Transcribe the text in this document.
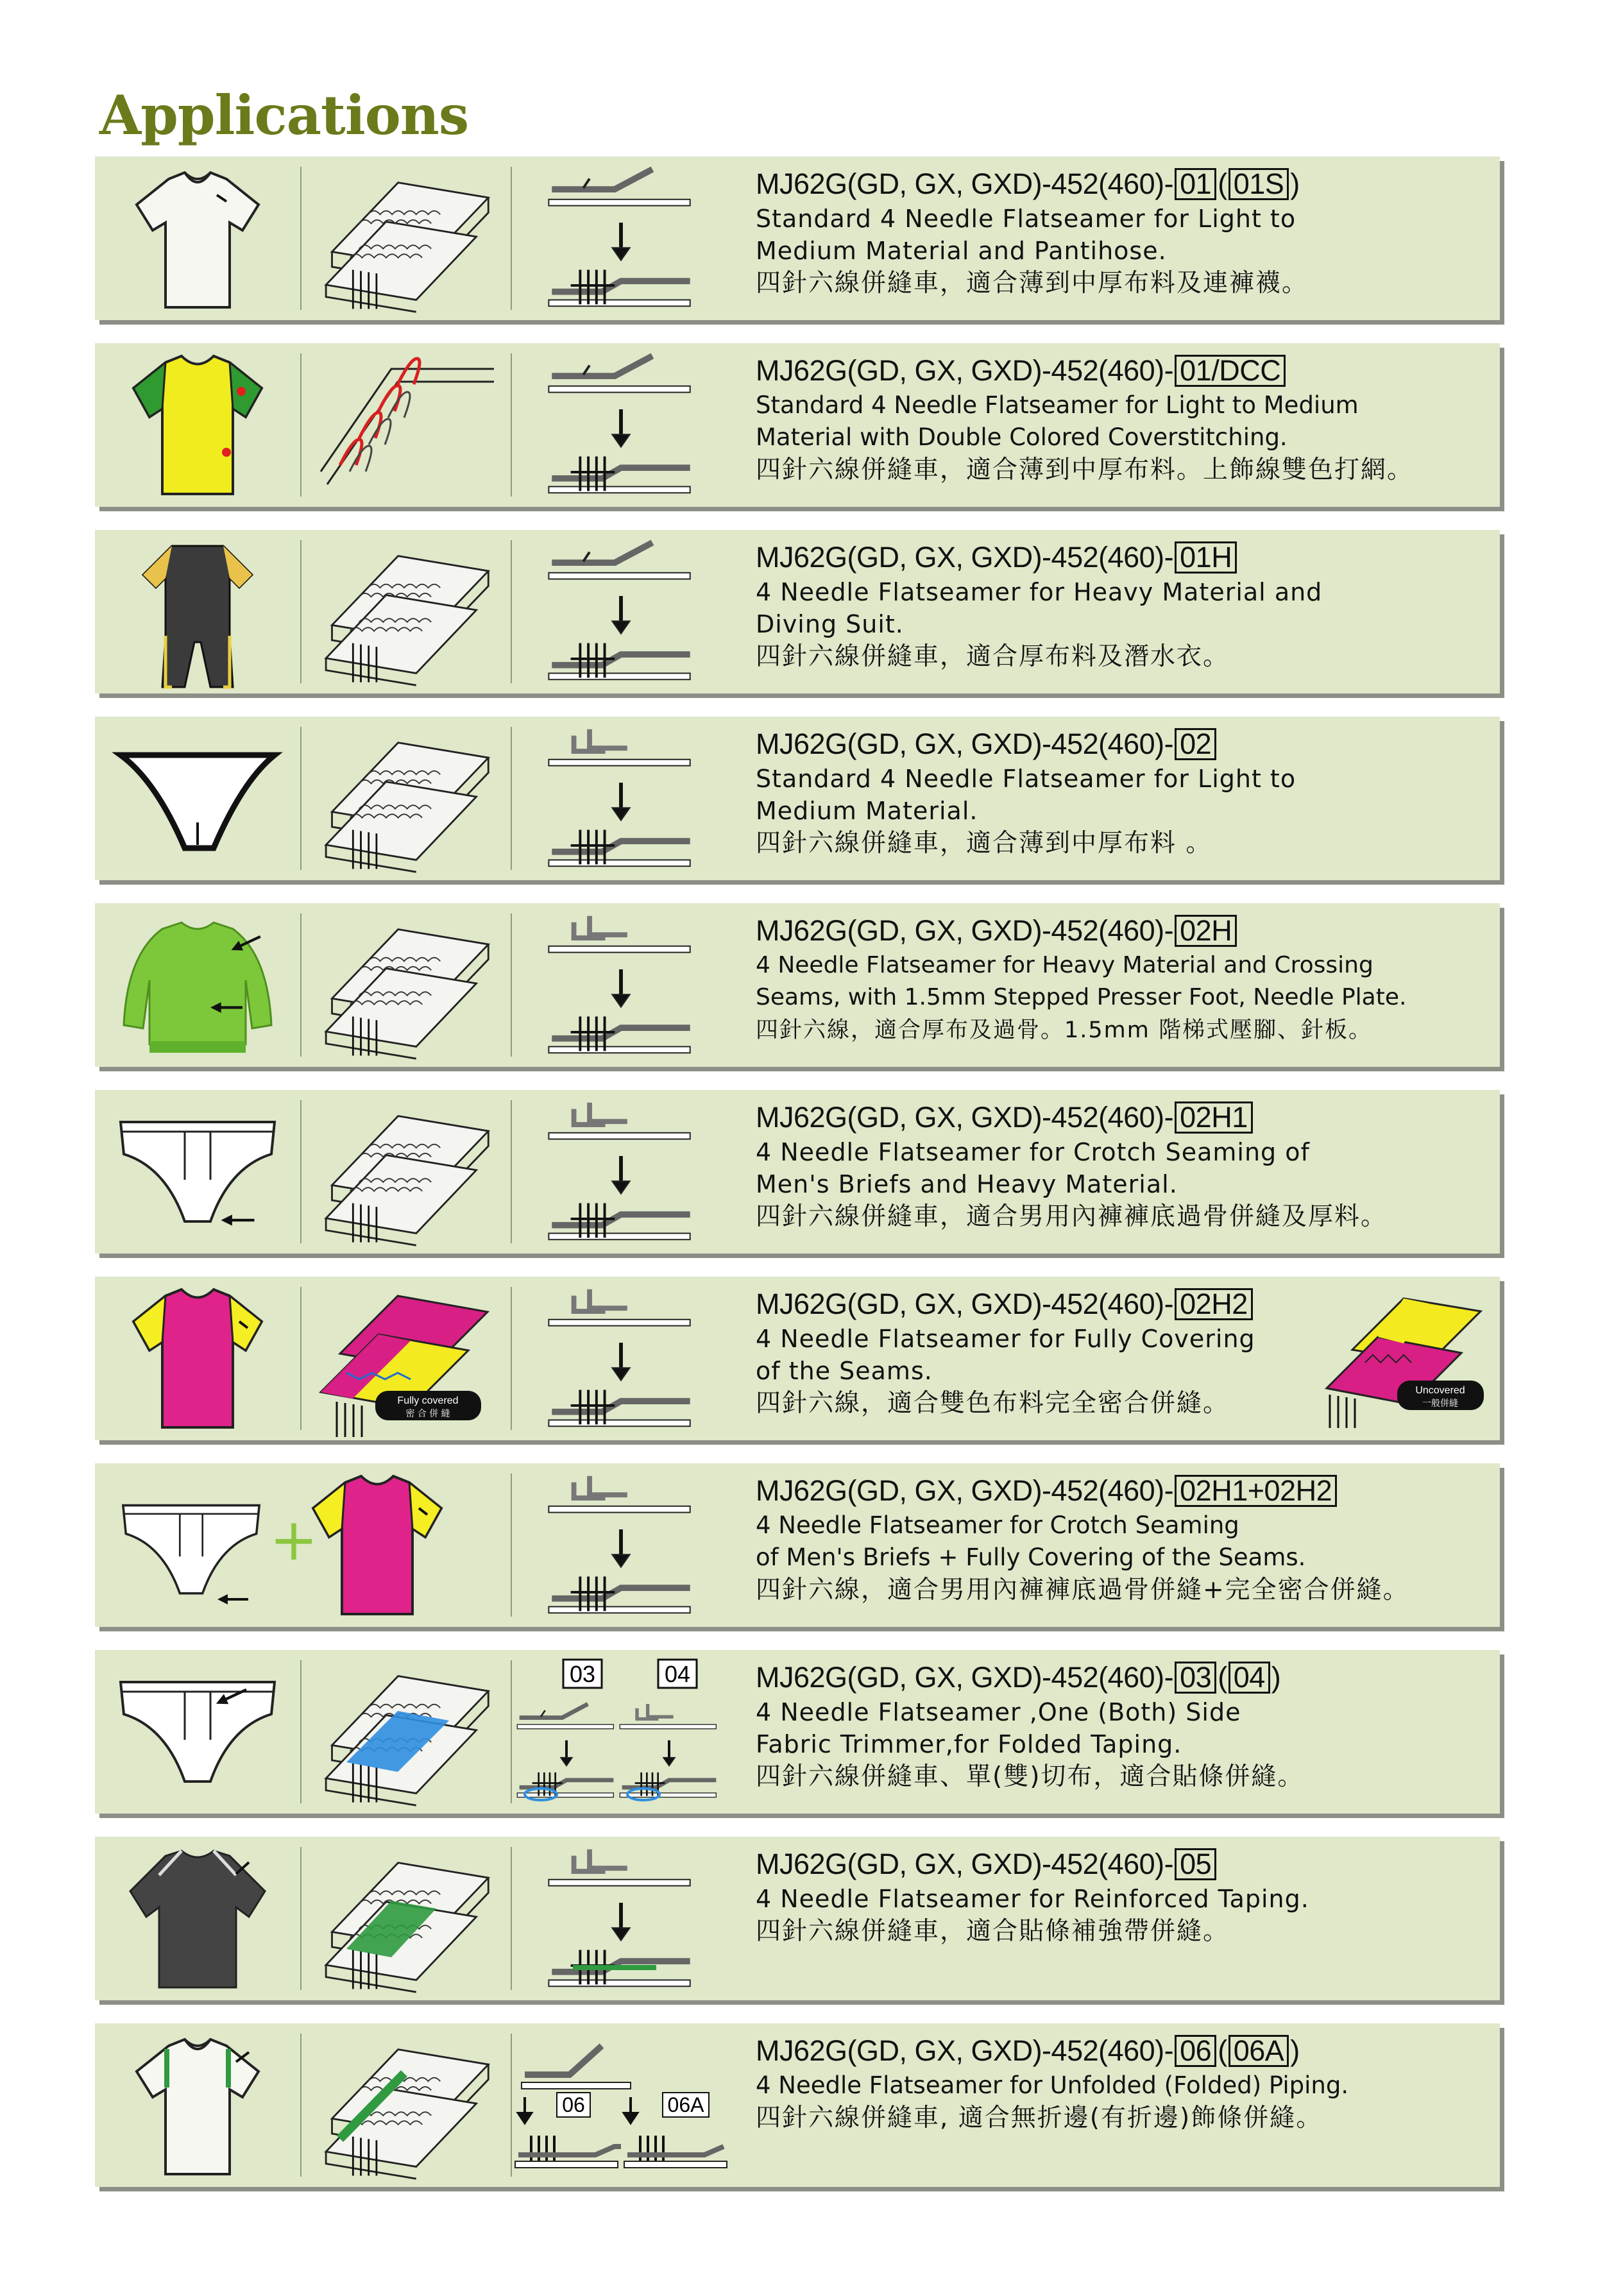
Applications
MJ62G(GD, GX, GXD)-452(460)- 01 ( 01S )
Standard 4 Needle Flatseamer for Light to
Medium Material and Pantihose.
四針六線併縫車，適合薄到中厚布料及連褲襪。
MJ62G(GD, GX, GXD)-452(460)- 01/DCC
Standard 4 Needle Flatseamer for Light to Medium
Material with Double Colored Coverstitching.
四針六線併縫車，適合薄到中厚布料。上飾線雙色打網。
MJ62G(GD, GX, GXD)-452(460)- 01H
4 Needle Flatseamer for Heavy Material and
Diving Suit.
四針六線併縫車，適合厚布料及潛水衣。
MJ62G(GD, GX, GXD)-452(460)- 02
Standard 4 Needle Flatseamer for Light to
Medium Material.
四針六線併縫車，適合薄到中厚布料 。
MJ62G(GD, GX, GXD)-452(460)- 02H
4 Needle Flatseamer for Heavy Material and Crossing
Seams, with 1.5mm Stepped Presser Foot, Needle Plate.
四針六線，適合厚布及過骨。1.5mm 階梯式壓腳、針板。
MJ62G(GD, GX, GXD)-452(460)- 02H1
4 Needle Flatseamer for Crotch Seaming of
Men's Briefs and Heavy Material.
四針六線併縫車，適合男用內褲褲底過骨併縫及厚料。
Fully covered
密 合 併 縫
MJ62G(GD, GX, GXD)-452(460)- 02H2
4 Needle Flatseamer for Fully Covering
of the Seams.
四針六線，適合雙色布料完全密合併縫。	Uncovered
一般併縫
+
MJ62G(GD, GX, GXD)-452(460)- 02H1+02H2
4 Needle Flatseamer for Crotch Seaming
of Men's Briefs + Fully Covering of the Seams.
四針六線，適合男用內褲褲底過骨併縫+完全密合併縫。
03	04 MJ62G(GD, GX, GXD)-452(460)- 03 ( 04 )
4 Needle Flatseamer ,One (Both) Side
Fabric Trimmer,for Folded Taping.
四針六線併縫車、單(雙)切布，適合貼條併縫。
MJ62G(GD, GX, GXD)-452(460)- 05
4 Needle Flatseamer for Reinforced Taping.
四針六線併縫車，適合貼條補強帶併縫。
06	06A
MJ62G(GD, GX, GXD)-452(460)- 06 ( 06A )
4 Needle Flatseamer for Unfolded (Folded) Piping.
四針六線併縫車, 適合無折邊(有折邊)飾條併縫。
